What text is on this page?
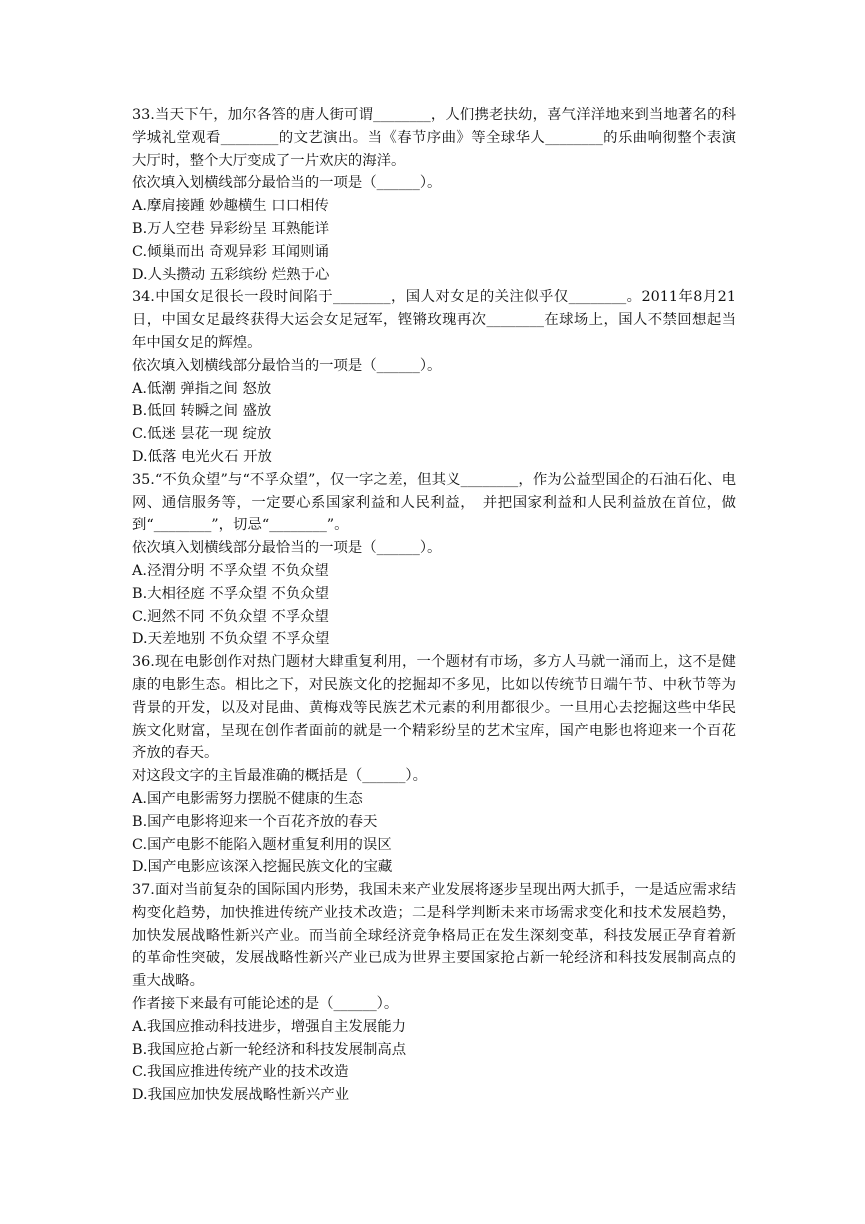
33.当天下午，加尔各答的唐人街可谓________，人们携老扶幼，喜气洋洋地来到当地著名的科学城礼堂观看________的文艺演出。当《春节序曲》等全球华人________的乐曲响彻整个表演大厅时，整个大厅变成了一片欢庆的海洋。

依次填入划横线部分最恰当的一项是（______）。

A.摩肩接踵 妙趣横生 口口相传
B.万人空巷 异彩纷呈 耳熟能详
C.倾巢而出 奇观异彩 耳闻则诵
D.人头攒动 五彩缤纷 烂熟于心

34.中国女足很长一段时间陷于________，国人对女足的关注似乎仅________。2011年8月21日，中国女足最终获得大运会女足冠军，铿锵玫瑰再次________在球场上，国人不禁回想起当年中国女足的辉煌。

依次填入划横线部分最恰当的一项是（______）。

A.低潮 弹指之间 怒放
B.低回 转瞬之间 盛放
C.低迷 昙花一现 绽放
D.低落 电光火石 开放

35.“不负众望”与“不孚众望”，仅一字之差，但其义________，作为公益型国企的石油石化、电网、通信服务等，一定要心系国家利益和人民利益，　并把国家利益和人民利益放在首位，做到“________”，切忌“________”。

依次填入划横线部分最恰当的一项是（______）。

A.泾渭分明 不孚众望 不负众望
B.大相径庭 不孚众望 不负众望
C.迥然不同 不负众望 不孚众望
D.天差地别 不负众望 不孚众望

36.现在电影创作对热门题材大肆重复利用，一个题材有市场，多方人马就一涌而上，这不是健康的电影生态。相比之下，对民族文化的挖掘却不多见，比如以传统节日端午节、中秋节等为背景的开发，以及对昆曲、黄梅戏等民族艺术元素的利用都很少。一旦用心去挖掘这些中华民族文化财富，呈现在创作者面前的就是一个精彩纷呈的艺术宝库，国产电影也将迎来一个百花齐放的春天。

对这段文字的主旨最准确的概括是（______）。

A.国产电影需努力摆脱不健康的生态
B.国产电影将迎来一个百花齐放的春天
C.国产电影不能陷入题材重复利用的误区
D.国产电影应该深入挖掘民族文化的宝藏

37.面对当前复杂的国际国内形势，我国未来产业发展将逐步呈现出两大抓手，一是适应需求结构变化趋势，加快推进传统产业技术改造；二是科学判断未来市场需求变化和技术发展趋势，加快发展战略性新兴产业。而当前全球经济竞争格局正在发生深刻变革，科技发展正孕育着新的革命性突破，发展战略性新兴产业已成为世界主要国家抢占新一轮经济和科技发展制高点的重大战略。

作者接下来最有可能论述的是（______）。

A.我国应推动科技进步，增强自主发展能力
B.我国应抢占新一轮经济和科技发展制高点
C.我国应推进传统产业的技术改造
D.我国应加快发展战略性新兴产业
